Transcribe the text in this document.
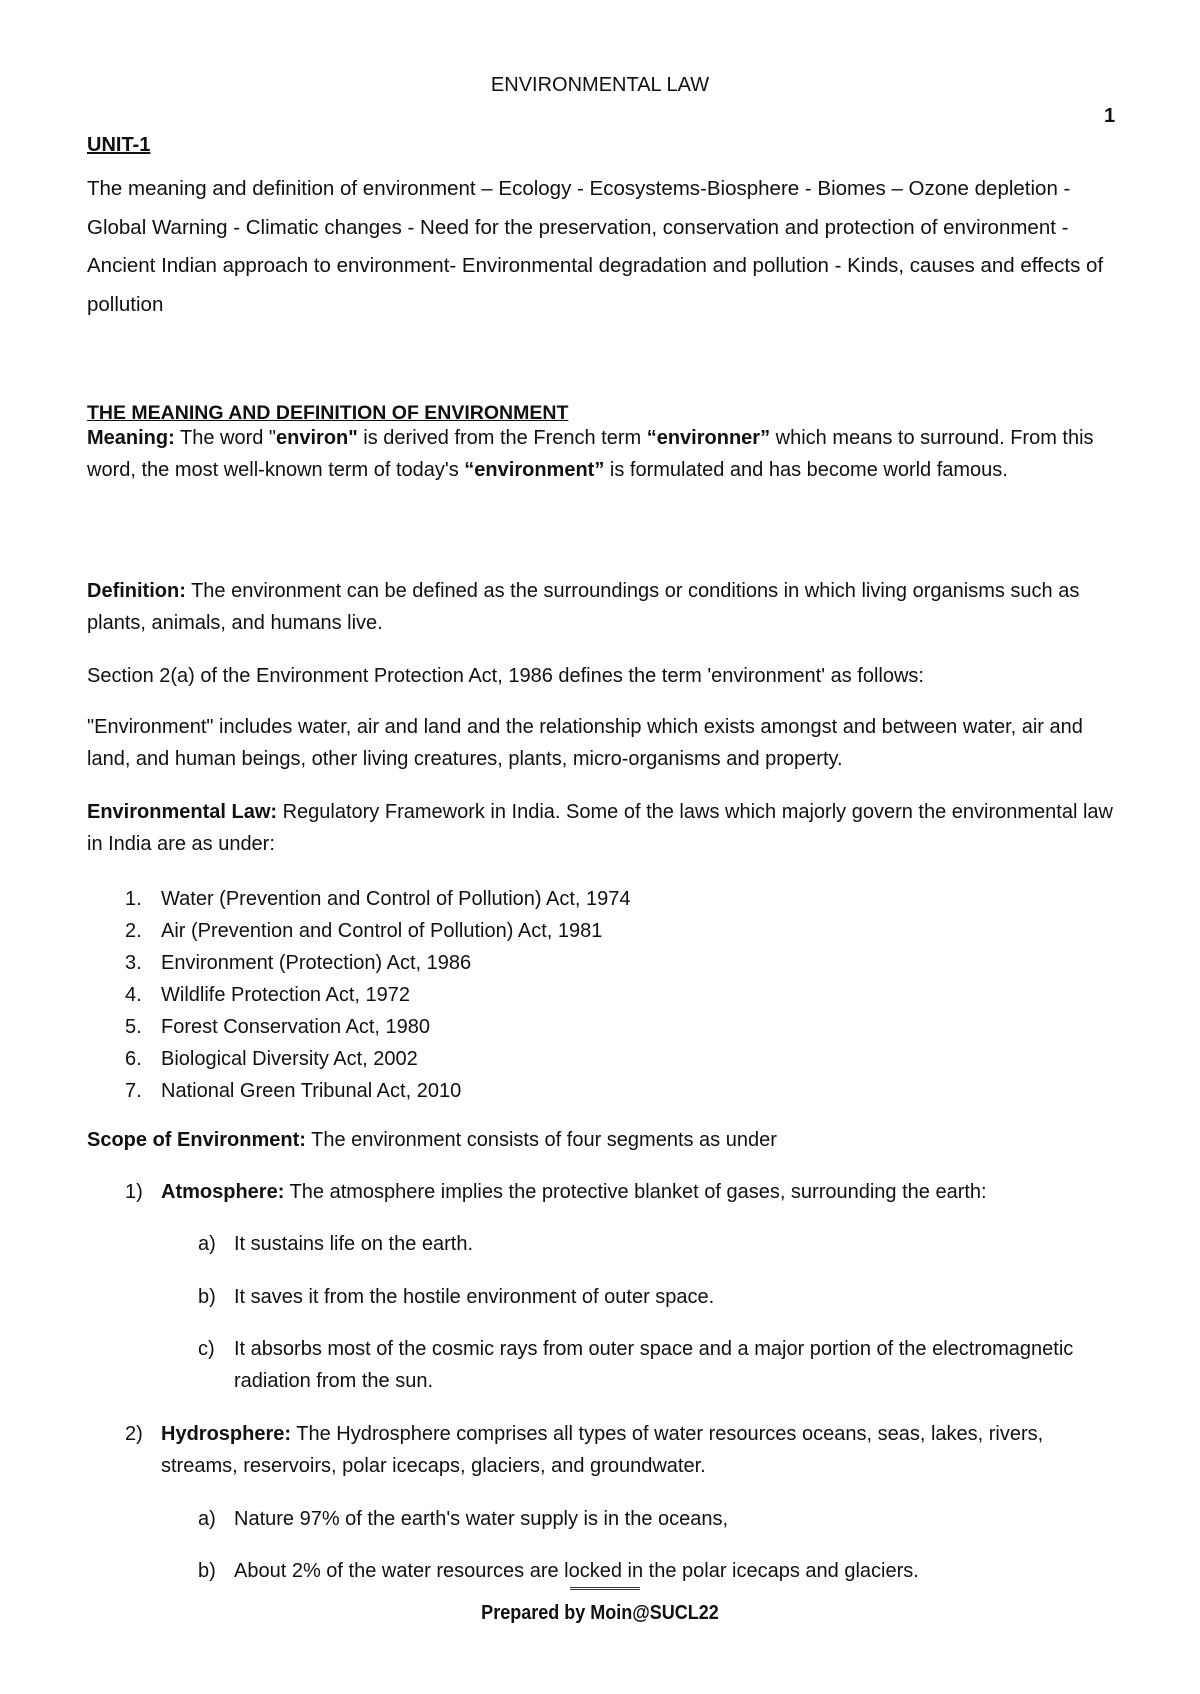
ENVIRONMENTAL LAW

1

UNIT-1

The meaning and definition of environment – Ecology - Ecosystems-Biosphere - Biomes – Ozone depletion - Global Warning - Climatic changes - Need for the preservation, conservation and protection of environment - Ancient Indian approach to environment- Environmental degradation and pollution - Kinds, causes and effects of pollution

THE MEANING AND DEFINITION OF ENVIRONMENT

Meaning: The word "environ" is derived from the French term “environner” which means to surround. From this word, the most well-known term of today's “environment” is formulated and has become world famous.

Definition: The environment can be defined as the surroundings or conditions in which living organisms such as plants, animals, and humans live.

Section 2(a) of the Environment Protection Act, 1986 defines the term 'environment' as follows:

"Environment" includes water, air and land and the relationship which exists amongst and between water, air and land, and human beings, other living creatures, plants, micro-organisms and property.

Environmental Law: Regulatory Framework in India. Some of the laws which majorly govern the environmental law in India are as under:

1. Water (Prevention and Control of Pollution) Act, 1974
2. Air (Prevention and Control of Pollution) Act, 1981
3. Environment (Protection) Act, 1986
4. Wildlife Protection Act, 1972
5. Forest Conservation Act, 1980
6. Biological Diversity Act, 2002
7. National Green Tribunal Act, 2010

Scope of Environment: The environment consists of four segments as under

1) Atmosphere: The atmosphere implies the protective blanket of gases, surrounding the earth:
a) It sustains life on the earth.
b) It saves it from the hostile environment of outer space.
c) It absorbs most of the cosmic rays from outer space and a major portion of the electromagnetic radiation from the sun.
2) Hydrosphere: The Hydrosphere comprises all types of water resources oceans, seas, lakes, rivers, streams, reservoirs, polar icecaps, glaciers, and groundwater.
a) Nature 97% of the earth's water supply is in the oceans,
b) About 2% of the water resources are locked in the polar icecaps and glaciers.

Prepared by Moin@SUCL22
